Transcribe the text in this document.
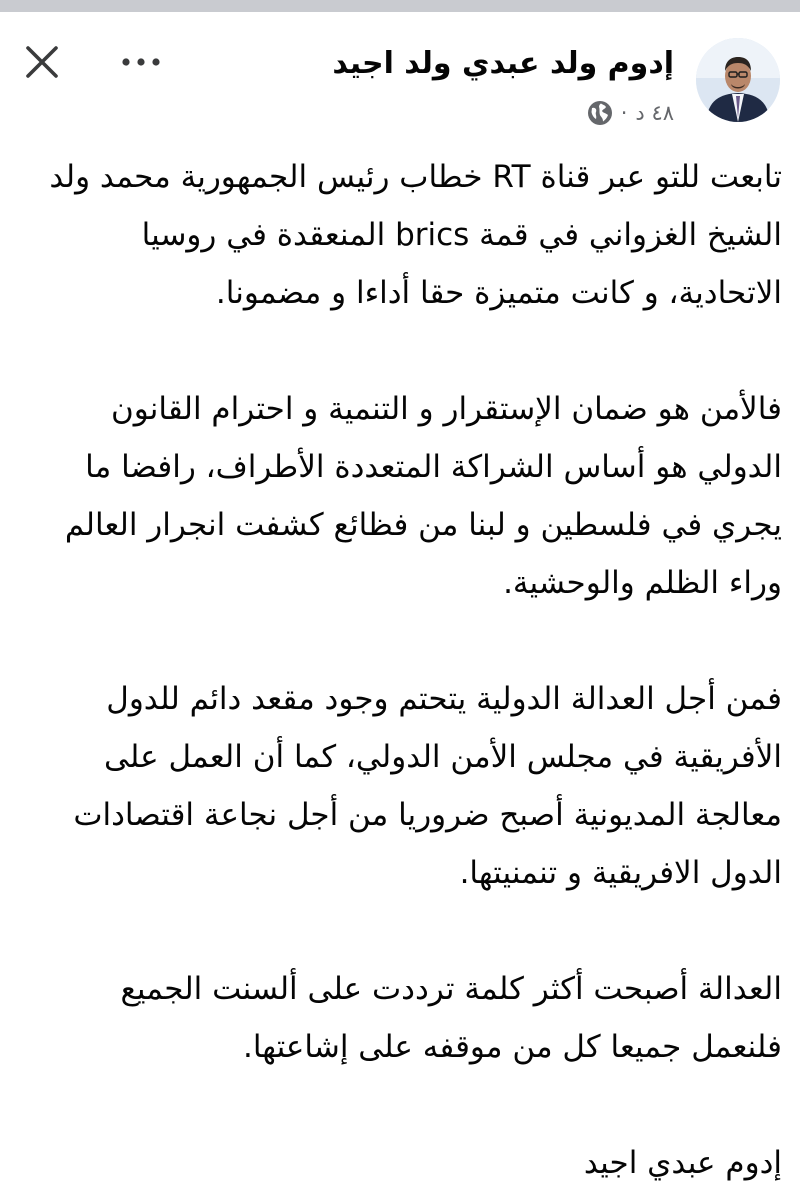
إدوم ولد عبدي ولد اجيد
٤٨ د
·

تابعت للتو عبر قناة RT خطاب رئيس الجمهورية محمد ولد الشيخ الغزواني في قمة brics المنعقدة في روسيا الاتحادية، و كانت متميزة حقا أداءا و مضمونا.

فالأمن هو ضمان الإستقرار و التنمية و احترام القانون الدولي هو أساس الشراكة المتعددة الأطراف، رافضا ما يجري في فلسطين و لبنا من فظائع كشفت انجرار العالم وراء الظلم والوحشية.

فمن أجل العدالة الدولية يتحتم وجود مقعد دائم للدول الأفريقية في مجلس الأمن الدولي، كما أن العمل على معالجة المديونية أصبح ضروريا من أجل نجاعة اقتصادات الدول الافريقية و تنمنيتها.

العدالة أصبحت أكثر كلمة ترددت على ألسنت الجميع فلنعمل جميعا كل من موقفه على إشاعتها.

إدوم عبدي اجيد
